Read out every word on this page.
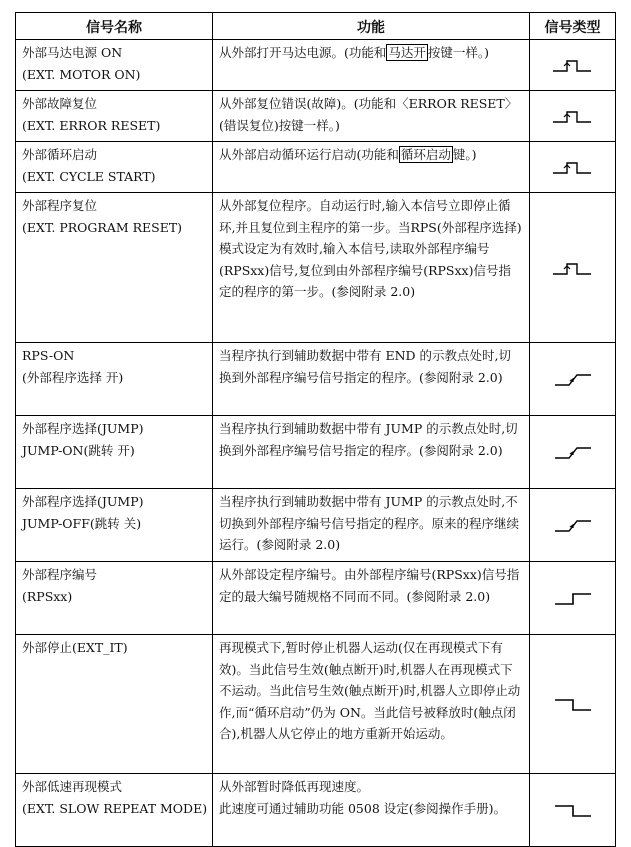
信号名称	功能	信号类型

外部马达电源 ON
(EXT. MOTOR ON)	从外部打开马达电源。(功能和 马达开 按键一样。)	

外部故障复位
(EXT. ERROR RESET)	从外部复位错误(故障)。(功能和〈ERROR RESET〉(错误复位)按键一样。)	

外部循环启动
(EXT. CYCLE START)	从外部启动循环运行启动(功能和 循环启动 键。)	

外部程序复位
(EXT. PROGRAM RESET)	从外部复位程序。自动运行时,输入本信号立即停止循环,并且复位到主程序的第一步。当RPS(外部程序选择)模式设定为有效时,输入本信号,读取外部程序编号(RPSxx)信号,复位到由外部程序编号(RPSxx)信号指定的程序的第一步。(参阅附录 2.0)	

RPS-ON
(外部程序选择 开)	当程序执行到辅助数据中带有 END 的示教点处时,切换到外部程序编号信号指定的程序。(参阅附录 2.0)	

外部程序选择(JUMP)
JUMP-ON(跳转 开)	当程序执行到辅助数据中带有 JUMP 的示教点处时,切换到外部程序编号信号指定的程序。(参阅附录 2.0)	

外部程序选择(JUMP)
JUMP-OFF(跳转 关)	当程序执行到辅助数据中带有 JUMP 的示教点处时,不切换到外部程序编号信号指定的程序。原来的程序继续运行。(参阅附录 2.0)	

外部程序编号
(RPSxx)	从外部设定程序编号。由外部程序编号(RPSxx)信号指定的最大编号随规格不同而不同。(参阅附录 2.0)	

外部停止(EXT_IT)	再现模式下,暂时停止机器人运动(仅在再现模式下有效)。当此信号生效(触点断开)时,机器人在再现模式下不运动。当此信号生效(触点断开)时,机器人立即停止动作,而“循环启动”仍为 ON。当此信号被释放时(触点闭合),机器人从它停止的地方重新开始运动。	

外部低速再现模式
(EXT. SLOW REPEAT MODE)	从外部暂时降低再现速度。
此速度可通过辅助功能 0508 设定(参阅操作手册)。
